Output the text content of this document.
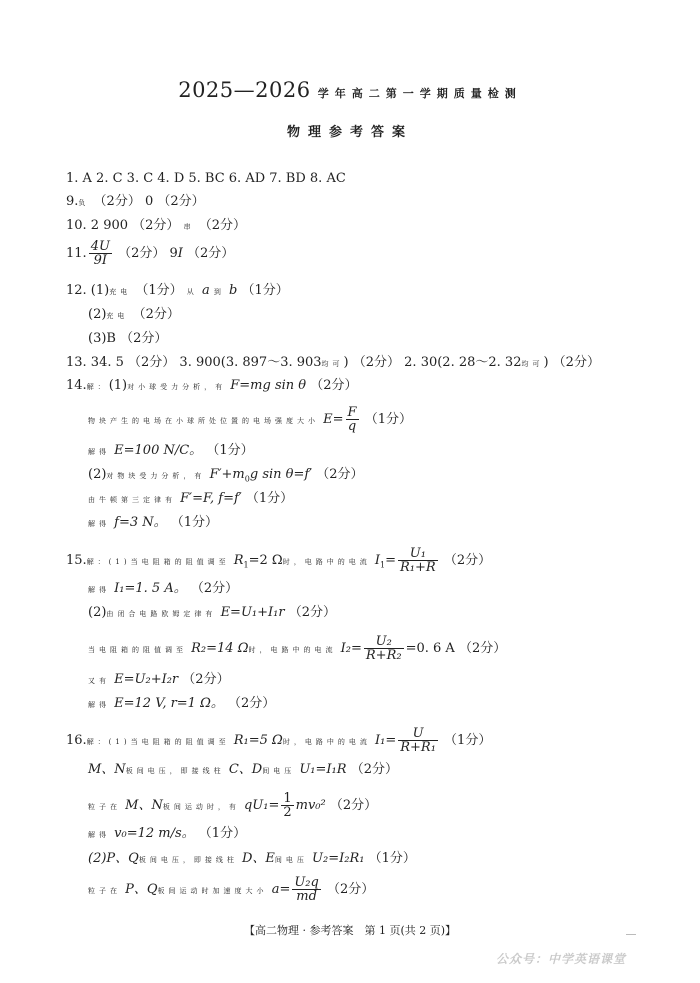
2025—2026 学年高二第一学期质量检测
物理参考答案
1. A 2. C 3. C 4. D 5. BC 6. AD 7. BD 8. AC
9.负 （2分） 0 （2分）
10. 2 900 （2分） 串 （2分）
11. $\frac{4U}{9I} (2$分） 9I （2分）
12. (1)充电 （1分） 从 a 到 b （1分）
(2)充电 （2分）
(3)B （2分）
13. 34. 5 （2分） 3. 900(3. 897～3. 903均可) （2分） 2. 30(2. 28～2. 32均可) （2分）
14.解：(1)对小球受力分析，有 F=mg sin θ （2分）
物块产生的电场在小球所处位置的电场强度大小 $E= \frac{F}{q} (1$分）
解得 E=100 N/C。 （1分）
(2)对物块受力分析，有 $F'+m_0g$ sin θ=f′ （2分）
由牛顿第三定律有 F′=F, f=f′ （1分）
解得 f=3 N。 （1分）
15.解：(1)当电阻箱的阻值调至 $R_1=2$ Ω时，电路中的电流 $I_1= \frac{\text{U₁}}{\text{R₁+R}} (2$分）
解得 I₁=1. 5 A。 （2分）
(2)由闭合电路欧姆定律有 E=U₁+I₁r （2分）
当电阻箱的阻值调至 R₂=14 Ω时，电路中的电流 $I_2= \frac{\text{U₂}}{\text{R+R₂}} =0$. 6 A （2分）
又有 E=U₂+I₂r （2分）
解得 E=12 V, r=1 Ω。 （2分）
16.解：(1)当电阻箱的阻值调至 R₁=5 Ω时，电路中的电流 $I_1= \frac{U}{\text{R+R₁}} (1$分）
M、N板间电压，即接线柱 C、D间电压 U₁=I₁R （2分）
粒子在 M、N板间运动时，有 $qU_1= \frac{1}{2} mv_0^2$ （2分）
解得 v₀=12 m/s。 （1分）
(2)P、Q板间电压，即接线柱 D、E间电压 U₂=I₂R₁ （1分）
粒子在 P、Q板间运动时加速度大小 $a= \frac{\text{U₂q}}{md} (2$分）
【高二物理 · 参考答案　第 1 页(共 2 页)】
公众号：中学英语课堂
